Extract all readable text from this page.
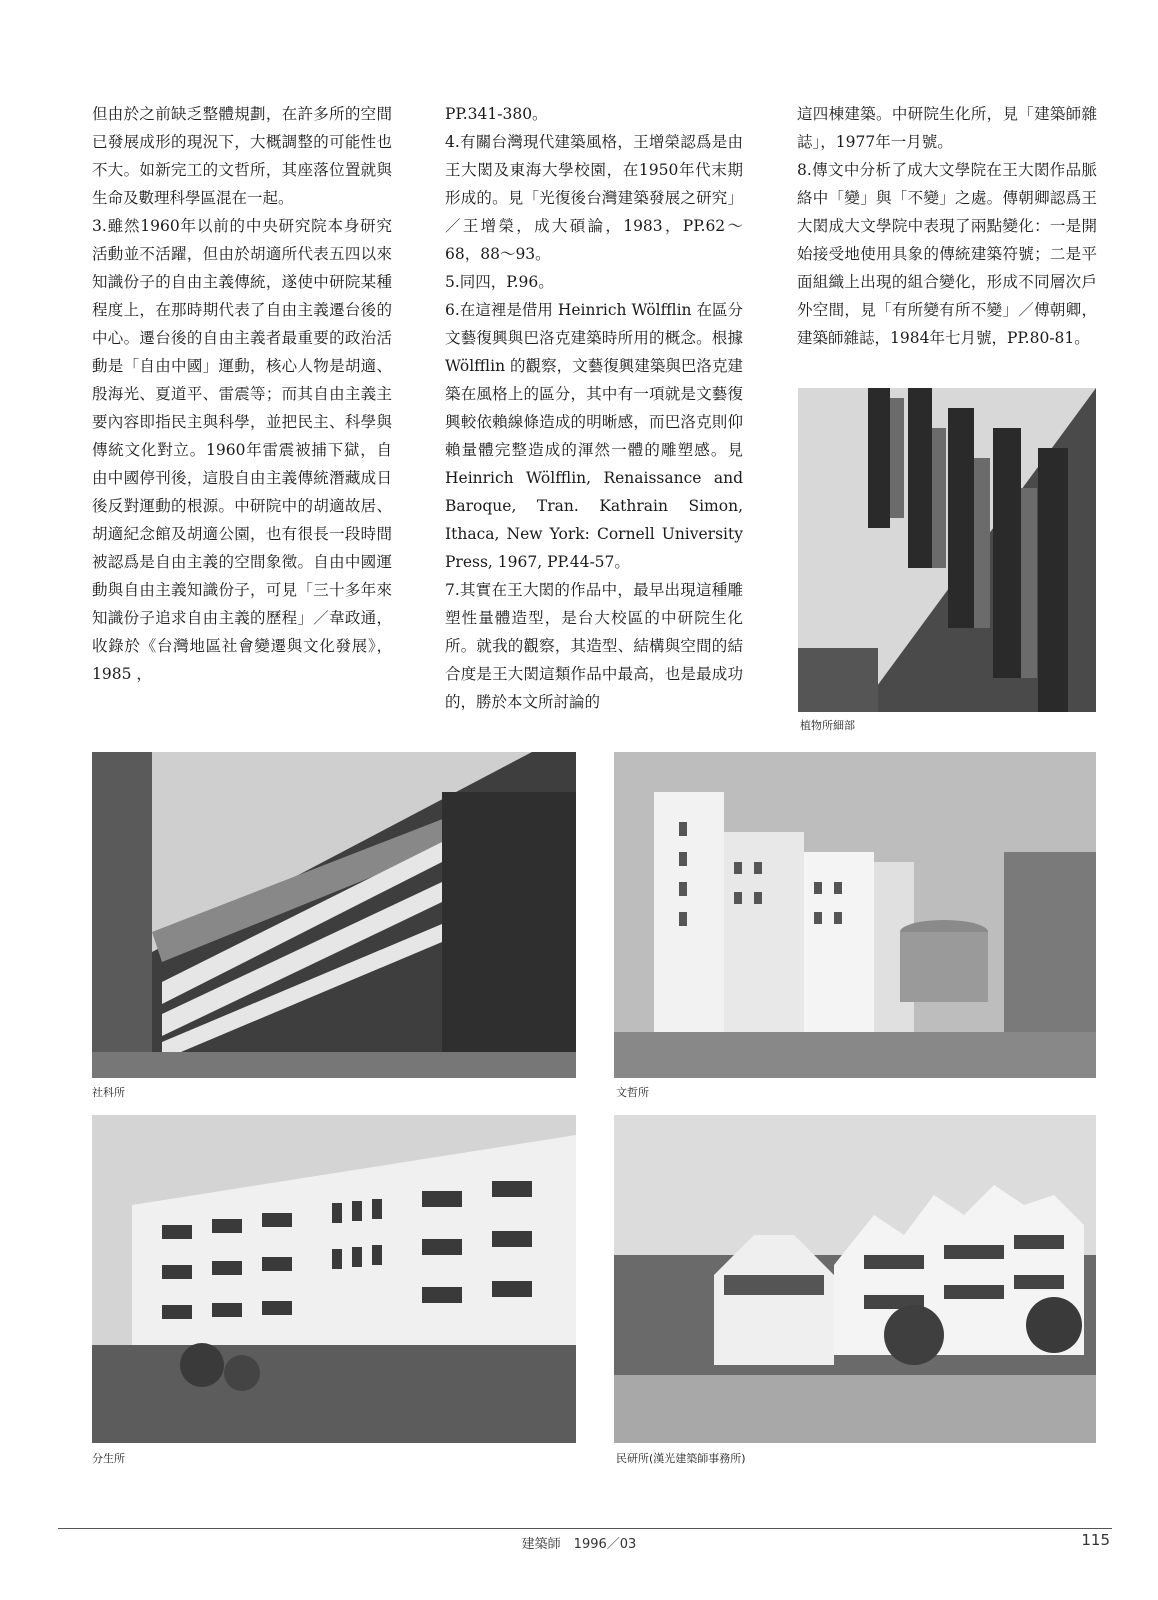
但由於之前缺乏整體規劃，在許多所的空間已發展成形的現況下，大概調整的可能性也不大。如新完工的文哲所，其座落位置就與生命及數理科學區混在一起。

3.雖然1960年以前的中央研究院本身研究活動並不活躍，但由於胡適所代表五四以來知識份子的自由主義傳統，遂使中研院某種程度上，在那時期代表了自由主義遷台後的中心。遷台後的自由主義者最重要的政治活動是「自由中國」運動，核心人物是胡適、殷海光、夏道平、雷震等；而其自由主義主要內容即指民主與科學，並把民主、科學與傳統文化對立。1960年雷震被捕下獄，自由中國停刊後，這股自由主義傳統潛藏成日後反對運動的根源。中研院中的胡適故居、胡適紀念館及胡適公園，也有很長一段時間被認爲是自由主義的空間象徵。自由中國運動與自由主義知識份子，可見「三十多年來知識份子追求自由主義的歷程」／韋政通，收錄於《台灣地區社會變遷與文化發展》，1985 ，

PP.341-380。

4.有關台灣現代建築風格，王增榮認爲是由王大閎及東海大學校園，在1950年代末期形成的。見「光復後台灣建築發展之研究」／王增榮，成大碩論，1983，PP.62～68，88～93。

5.同四，P.96。

6.在這裡是借用 Heinrich Wölfflin 在區分文藝復興與巴洛克建築時所用的概念。根據 Wölfflin 的觀察，文藝復興建築與巴洛克建築在風格上的區分，其中有一項就是文藝復興較依賴線條造成的明晰感，而巴洛克則仰賴量體完整造成的渾然一體的雕塑感。見 Heinrich Wölfflin, Renaissance and Baroque, Tran. Kathrain Simon, Ithaca, New York: Cornell University Press, 1967, PP.44-57。

7.其實在王大閎的作品中，最早出現這種雕塑性量體造型，是台大校區的中研院生化所。就我的觀察，其造型、結構與空間的結合度是王大閎這類作品中最高，也是最成功的，勝於本文所討論的

這四棟建築。中研院生化所，見「建築師雜誌」，1977年一月號。

8.傳文中分析了成大文學院在王大閎作品脈絡中「變」與「不變」之處。傳朝卿認爲王大閎成大文學院中表現了兩點變化：一是開始接受地使用具象的傳統建築符號；二是平面組織上出現的組合變化，形成不同層次戶外空間，見「有所變有所不變」／傅朝卿，建築師雜誌，1984年七月號，PP.80-81。

植物所細部
社科所	文哲所
分生所	民研所(漢光建築師事務所)
建築師　1996／03	115
